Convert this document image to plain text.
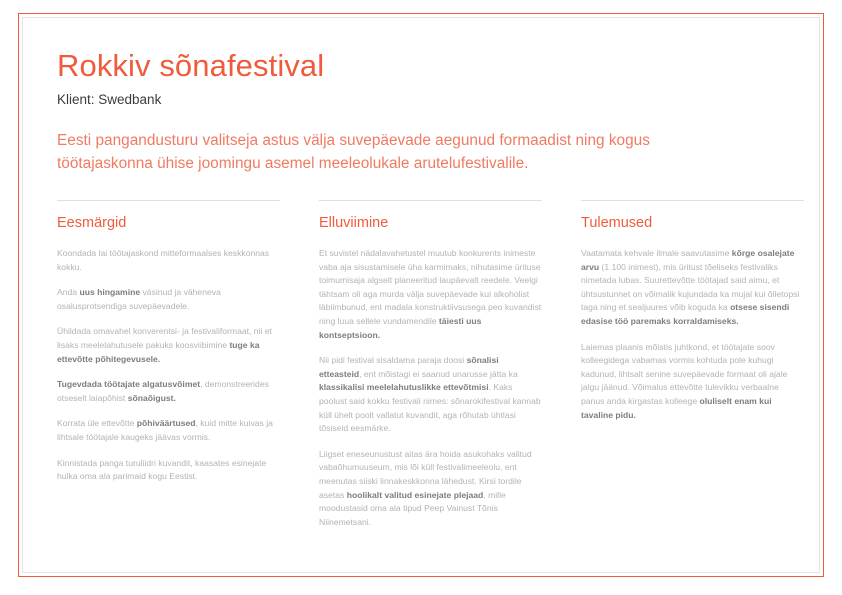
Rokkiv sõnafestival
Klient: Swedbank

Eesti pangandusturu valitseja astus välja suvepäevade aegunud formaadist ning kogus töötajaskonna ühise joomingu asemel meeleolukale arutelufestivalile.

Eesmärgid

Koondada lai töötajaskond mitteformaalses keskkonnas kokku.

Anda uus hingamine väsinud ja väheneva osalusprotsendiga suvepäevadele.

Ühildada omavahel konverentsi- ja festivaliformaat, nii et lisaks meelelahutusele pakuks koosviibimine tuge ka ettevõtte põhitegevusele.

Tugevdada töötajate algatusvõimet, demonstreerides otseselt laiapõhist sõnaõigust.

Korrata üle ettevõtte põhiväärtused, kuid mitte kuivas ja lihtsale töötajale kaugeks jäävas vormis.

Kinnistada panga turuliidri kuvandit, kaasates esinejate hulka oma ala parimaid kogu Eestist.

Elluviimine

Et suvistel nädalavahetustel muutub konkurents inimeste vaba aja sisustamisele üha karmimaks, nihutasime ürituse toimumisaja algselt planeeritud laupäevalt reedele. Veelgi tähtsam oli aga murda välja suvepäevade kui alkoholist läbiimbunud, ent madala konstruktiivsusega peo kuvandist ning luua sellele vundamendile täiesti uus kontseptsioon.

Nii pidi festival sisaldama paraja doosi sõnalisi etteasteid, ent mõistagi ei saanud unarusse jätta ka klassikalisi meelelahutuslikke ettevõtmisi. Kaks poolust said kokku festivali nimes: sõnarokifestival kannab küll ühelt poolt vallatut kuvandit, aga rõhutab ühtlasi tõsiseid eesmärke.

Liigset eneseunustust aitas ära hoida asukohaks valitud vabaõhumuuseum, mis lõi küll festivalimeeleolu, ent meenutas siiski linnakeskkonna lähedust. Kirsi tordile asetas hoolikalt valitud esinejate plejaad, mille moodustasid oma ala tipud Peep Vainust Tõnis Niinemetsani.

Tulemused

Vaatamata kehvale ilmale saavutasime kõrge osalejate arvu (1 100 inimest), mis üritust tõeliseks festivaliks nimetada lubas. Suurettevõtte töötajad said aimu, et ühtsustunnet on võimalik kujundada ka mujal kui õlletopsi taga ning et sealjuures võib koguda ka otsese sisendi edasise töö paremaks korraldamiseks.

Laiemas plaanis mõistis juhtkond, et töötajate soov kolleegidega vabamas vormis kohtuda pole kuhugi kadunud, lihtsalt senine suvepäevade formaat oli ajale jalgu jäänud. Võimalus ettevõtte tulevikku verbaalne panus anda kirgastas kolleege oluliselt enam kui tavaline pidu.
